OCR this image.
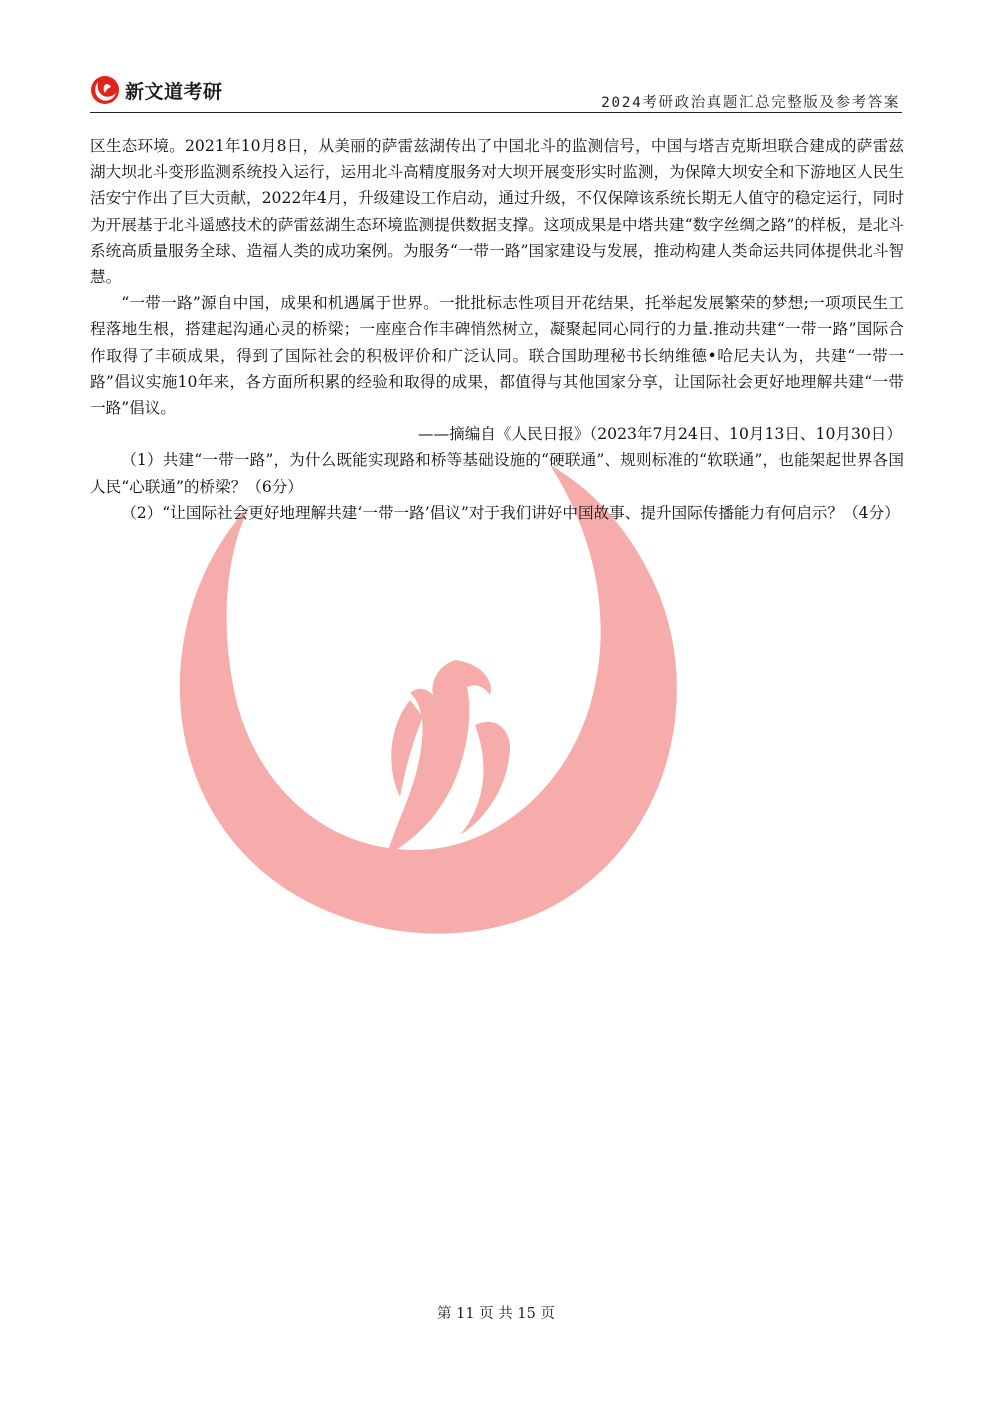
新文道考研
2024考研政治真题汇总完整版及参考答案

区生态环境。2021年10月8日，从美丽的萨雷兹湖传出了中国北斗的监测信号，中国与塔吉克斯坦联合建成的萨雷兹湖大坝北斗变形监测系统投入运行，运用北斗高精度服务对大坝开展变形实时监测，为保障大坝安全和下游地区人民生活安宁作出了巨大贡献，2022年4月，升级建设工作启动，通过升级，不仅保障该系统长期无人值守的稳定运行，同时为开展基于北斗遥感技术的萨雷兹湖生态环境监测提供数据支撑。这项成果是中塔共建“数字丝绸之路”的样板，是北斗系统高质量服务全球、造福人类的成功案例。为服务“一带一路”国家建设与发展，推动构建人类命运共同体提供北斗智慧。

“一带一路”源自中国，成果和机遇属于世界。一批批标志性项目开花结果，托举起发展繁荣的梦想;一项项民生工程落地生根，搭建起沟通心灵的桥梁；一座座合作丰碑悄然树立，凝聚起同心同行的力量.推动共建“一带一路”国际合作取得了丰硕成果，得到了国际社会的积极评价和广泛认同。联合国助理秘书长纳维德•哈尼夫认为，共建“一带一路”倡议实施10年来，各方面所积累的经验和取得的成果，都值得与其他国家分享，让国际社会更好地理解共建“一带一路”倡议。

——摘编自《人民日报》（2023年7月24日、10月13日、10月30日）

（1）共建“一带一路”，为什么既能实现路和桥等基础设施的“硬联通”、规则标准的“软联通”，也能架起世界各国人民“心联通”的桥梁？（6分）

（2）“让国际社会更好地理解共建‘一带一路’倡议”对于我们讲好中国故事、提升国际传播能力有何启示？（4分）

第 11 页 共 15 页
